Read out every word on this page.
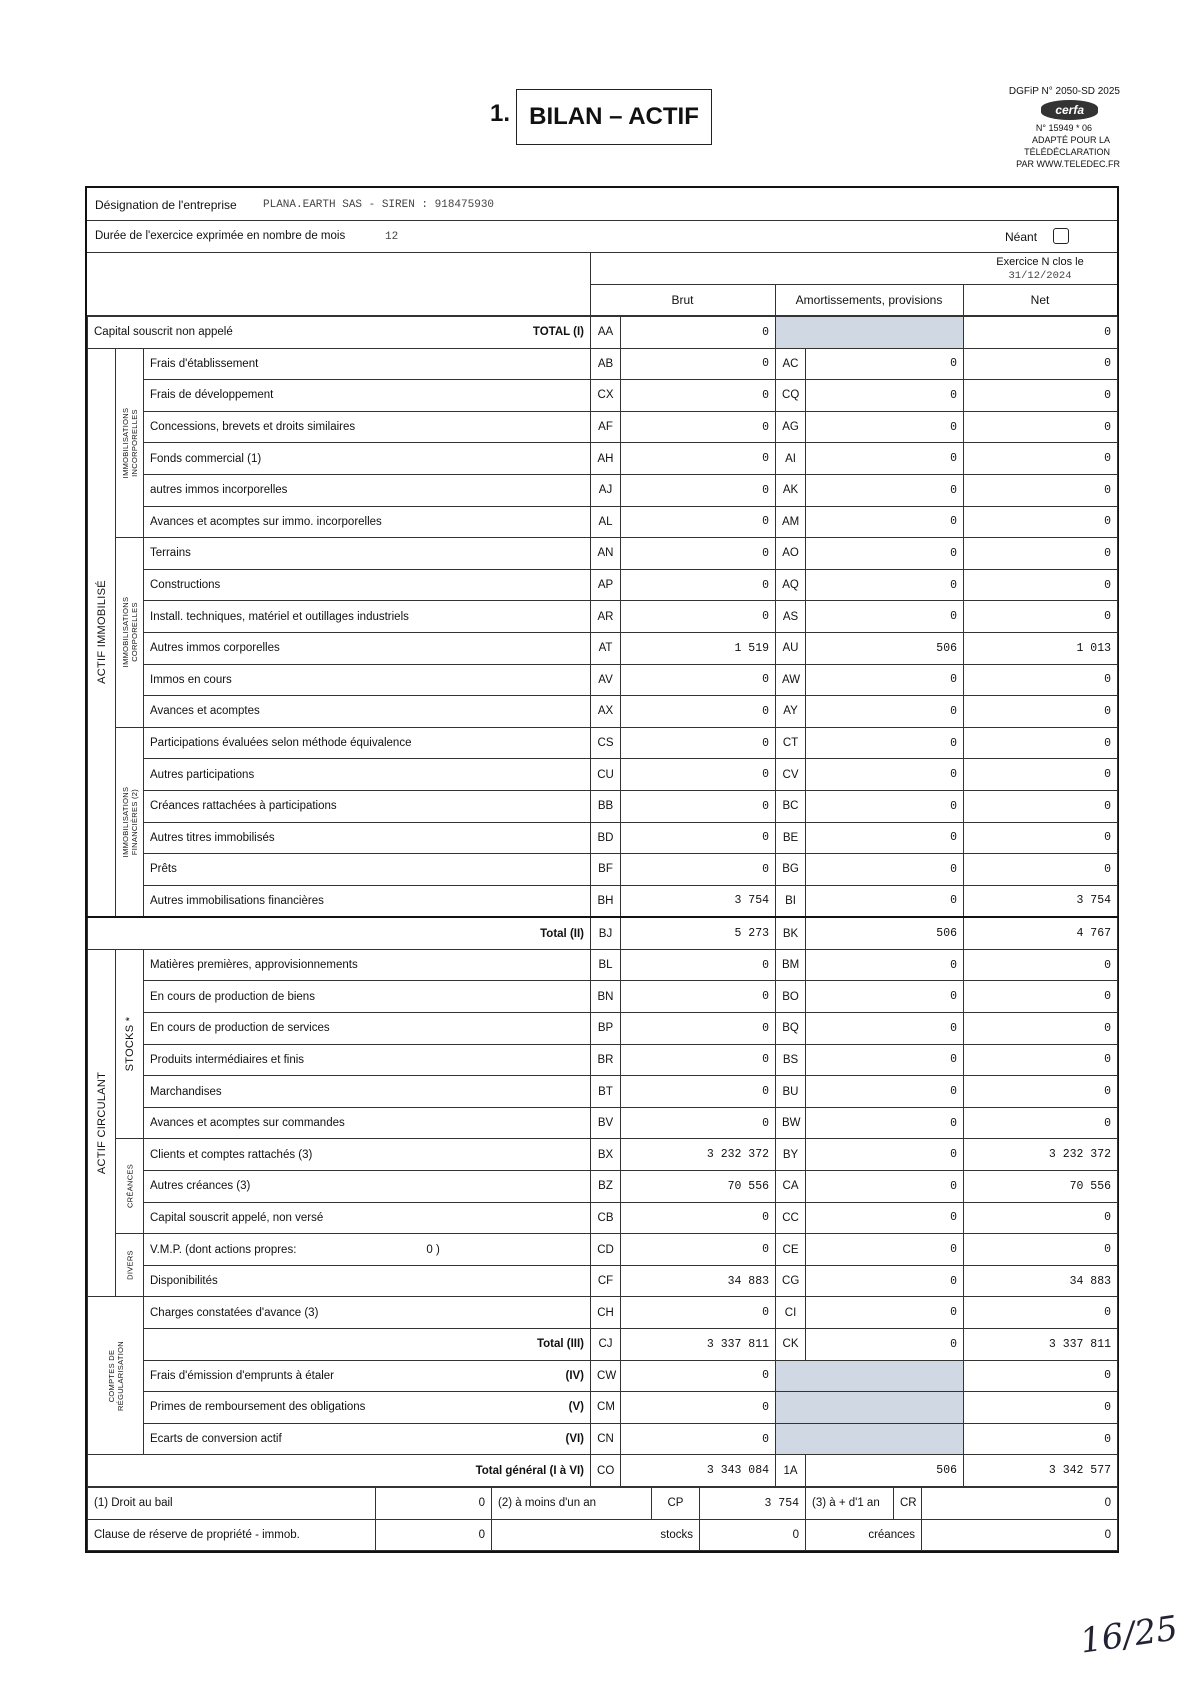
1. BILAN – ACTIF
DGFiP N° 2050-SD 2025
cerfa
N° 15949 * 06
ADAPTÉ POUR LA
TÉLÉDÉCLARATION
PAR WWW.TELEDEC.FR
Désignation de l'entreprise PLANA.EARTH SAS - SIREN : 918475930
Durée de l'exercice exprimée en nombre de mois	12	Néant
Exercice N clos le
31/12/2024
Brut	Amortissements, provisions	Net
Capital souscrit non appelé TOTAL (I)			AA	0			0

ACTIF IMMOBILISÉ	IMMOBILISATIONS INCORPORELLES	Frais d'établissement	AB	0	AC	0	0
		Frais de développement	CX	0	CQ	0	0
		Concessions, brevets et droits similaires	AF	0	AG	0	0
		Fonds commercial (1)	AH	0	AI	0	0
		autres immos incorporelles	AJ	0	AK	0	0
		Avances et acomptes sur immo. incorporelles	AL	0	AM	0	0

	IMMOBILISATIONS CORPORELLES	Terrains	AN	0	AO	0	0
		Constructions	AP	0	AQ	0	0
		Install. techniques, matériel et outillages industriels	AR	0	AS	0	0
		Autres immos corporelles	AT	1 519	AU	506	1 013
		Immos en cours	AV	0	AW	0	0
		Avances et acomptes	AX	0	AY	0	0

	IMMOBILISATIONS FINANCIÈRES (2)	Participations évaluées selon méthode équivalence	CS	0	CT	0	0
		Autres participations	CU	0	CV	0	0
		Créances rattachées à participations	BB	0	BC	0	0
		Autres titres immobilisés	BD	0	BE	0	0
		Prêts	BF	0	BG	0	0
		Autres immobilisations financières	BH	3 754	BI	0	3 754
Total (II)			BJ	5 273	BK	506	4 767

ACTIF CIRCULANT	STOCKS *	Matières premières, approvisionnements	BL	0	BM	0	0
		En cours de production de biens	BN	0	BO	0	0
		En cours de production de services	BP	0	BQ	0	0
		Produits intermédiaires et finis	BR	0	BS	0	0
		Marchandises	BT	0	BU	0	0
		Avances et acomptes sur commandes	BV	0	BW	0	0

	CRÉANCES	Clients et comptes rattachés (3)	BX	3 232 372	BY	0	3 232 372
		Autres créances (3)	BZ	70 556	CA	0	70 556
		Capital souscrit appelé, non versé	CB	0	CC	0	0

	DIVERS	V.M.P. (dont actions propres: 0 )	CD	0	CE	0	0
		Disponibilités	CF	34 883	CG	0	34 883

COMPTES DE RÉGULARISATION		Charges constatées d'avance (3)	CH	0	CI	0	0
		Total (III)	CJ	3 337 811	CK	0	3 337 811
		Frais d'émission d'emprunts à étaler (IV)	CW	0			0
		Primes de remboursement des obligations (V)	CM	0			0
		Ecarts de conversion actif (VI)	CN	0			0
Total général (I à VI)			CO	3 343 084	1A	506	3 342 577
(1) Droit au bail	0	(2) à moins d'un an	CP	3 754	(3) à + d'1 an	CR	0
Clause de réserve de propriété - immob.	0	stocks		0	créances		0
16/25
